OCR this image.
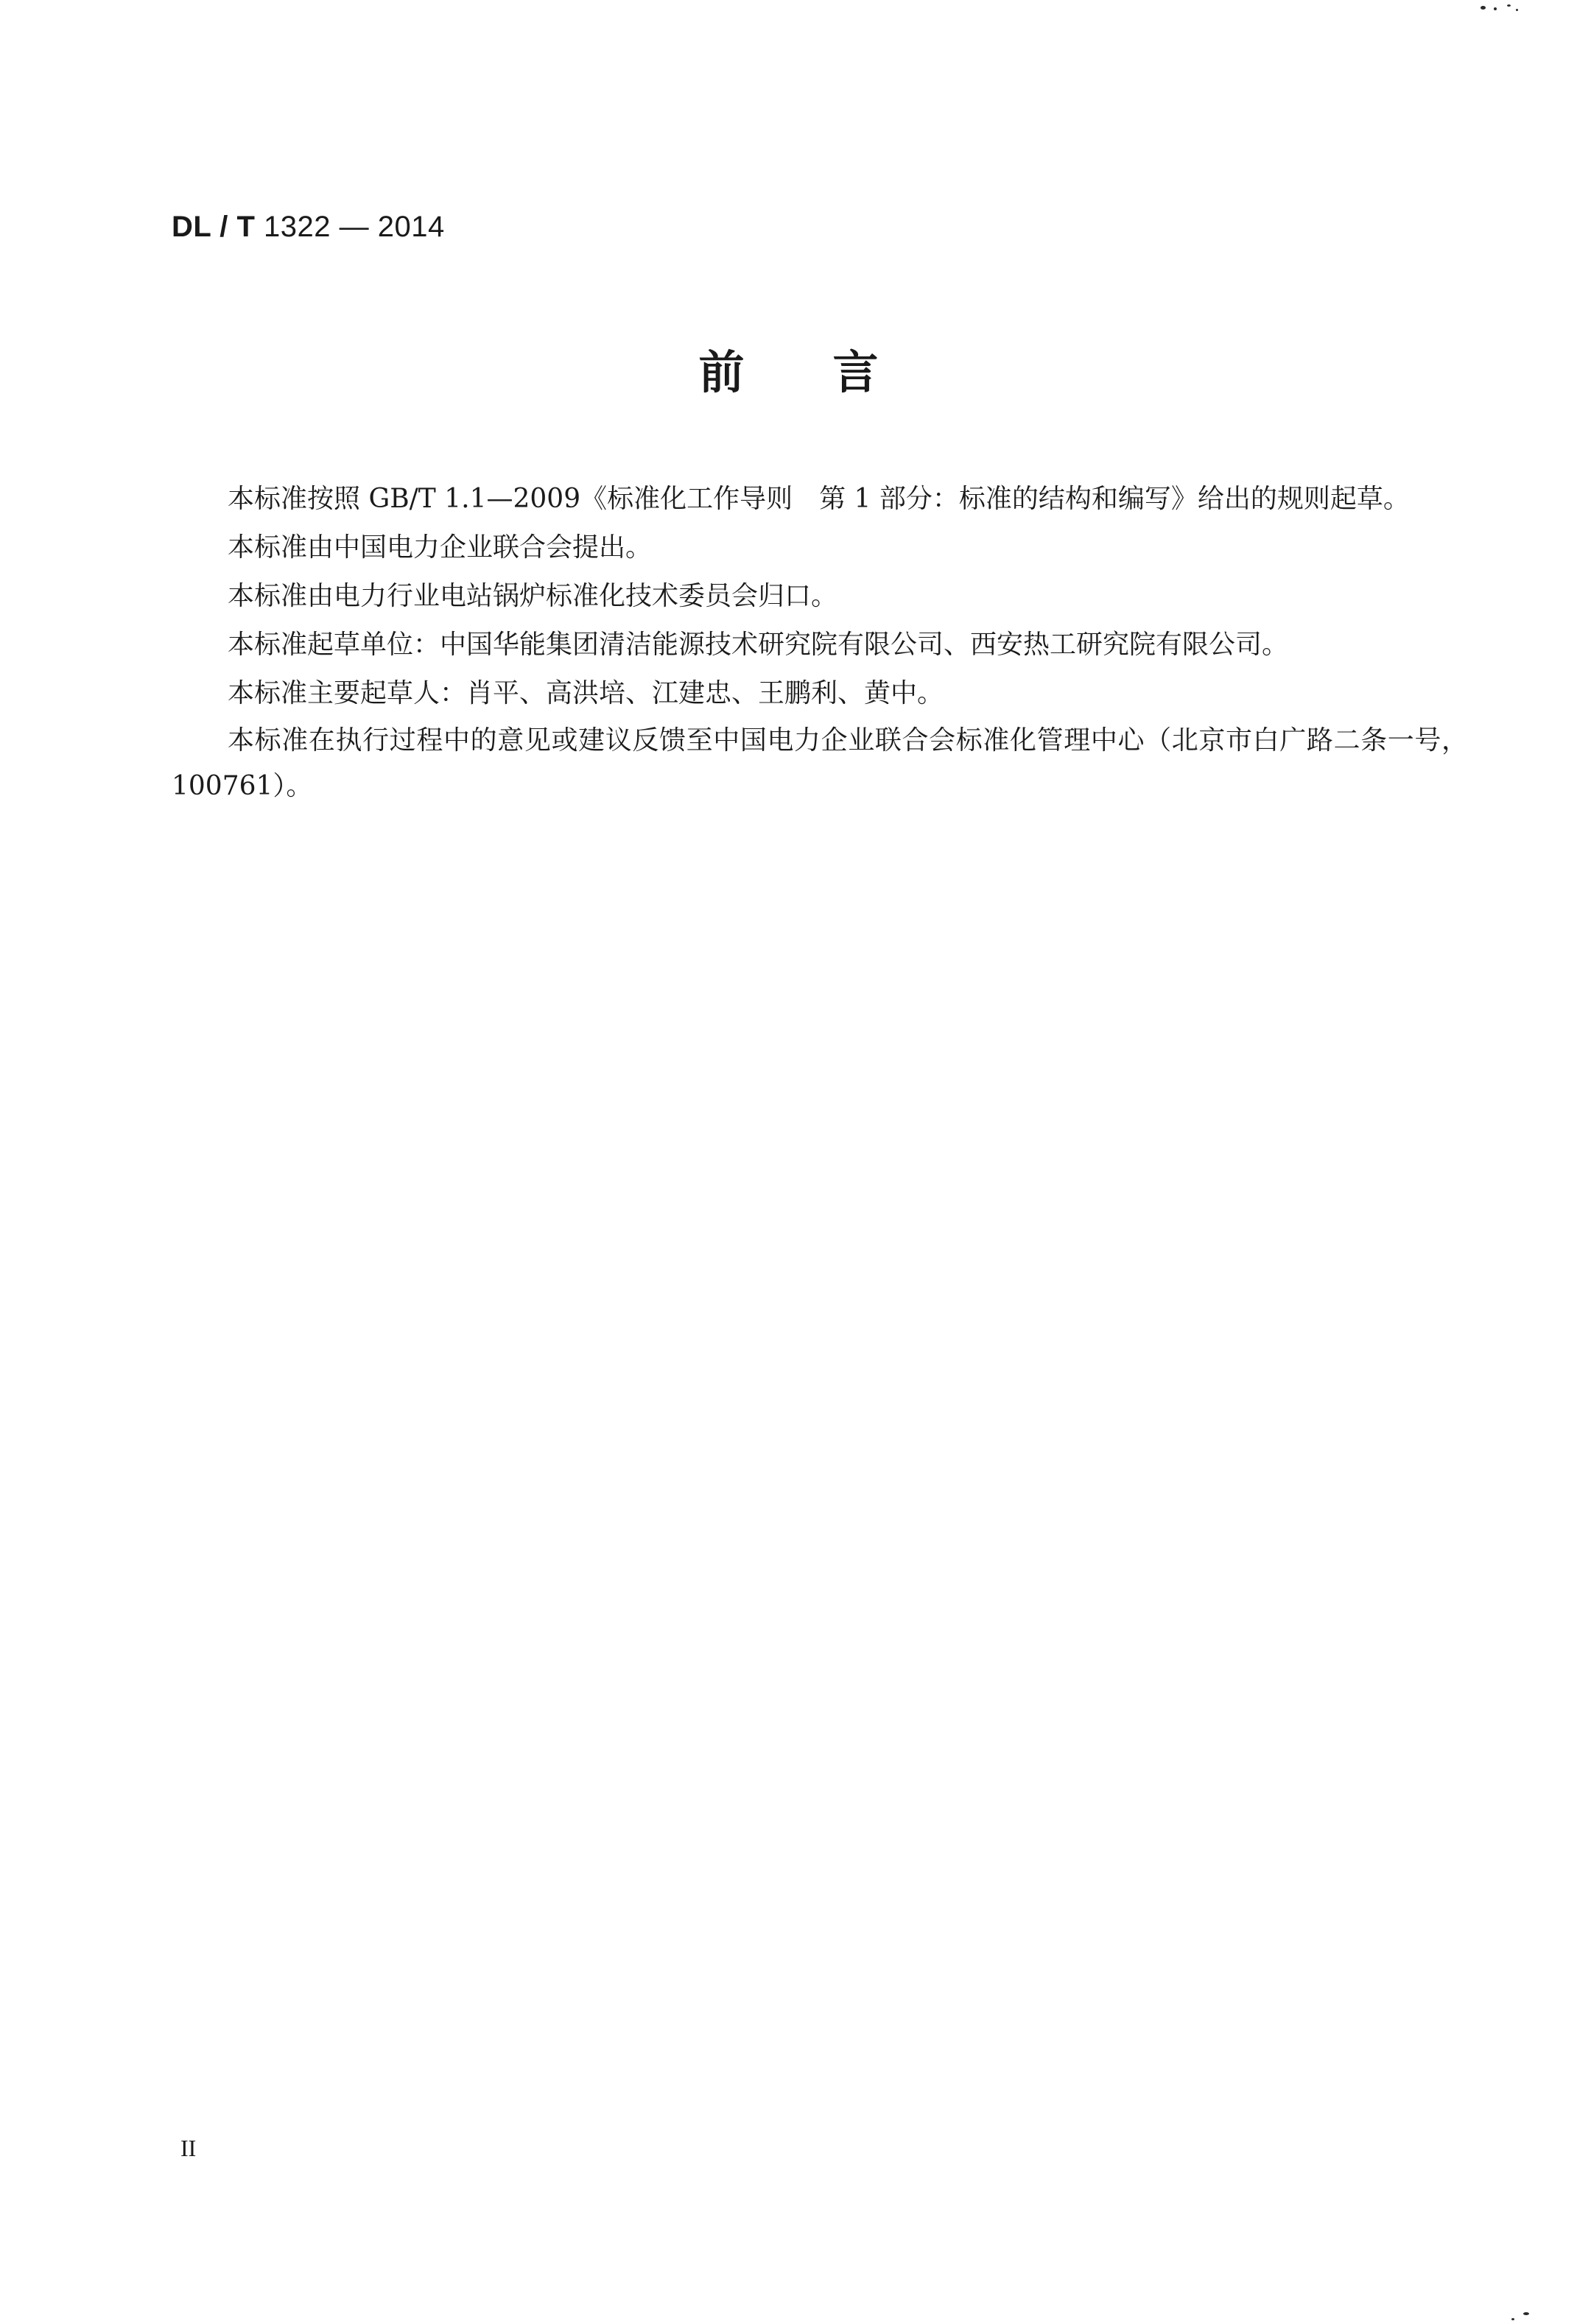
DL / T 1322 — 2014
前言

本标准按照 GB/T 1.1—2009《标准化工作导则　第 1 部分：标准的结构和编写》给出的规则起草。

本标准由中国电力企业联合会提出。

本标准由电力行业电站锅炉标准化技术委员会归口。

本标准起草单位：中国华能集团清洁能源技术研究院有限公司、西安热工研究院有限公司。

本标准主要起草人：肖平、高洪培、江建忠、王鹏利、黄中。

本标准在执行过程中的意见或建议反馈至中国电力企业联合会标准化管理中心（北京市白广路二条一号，100761）。

II
